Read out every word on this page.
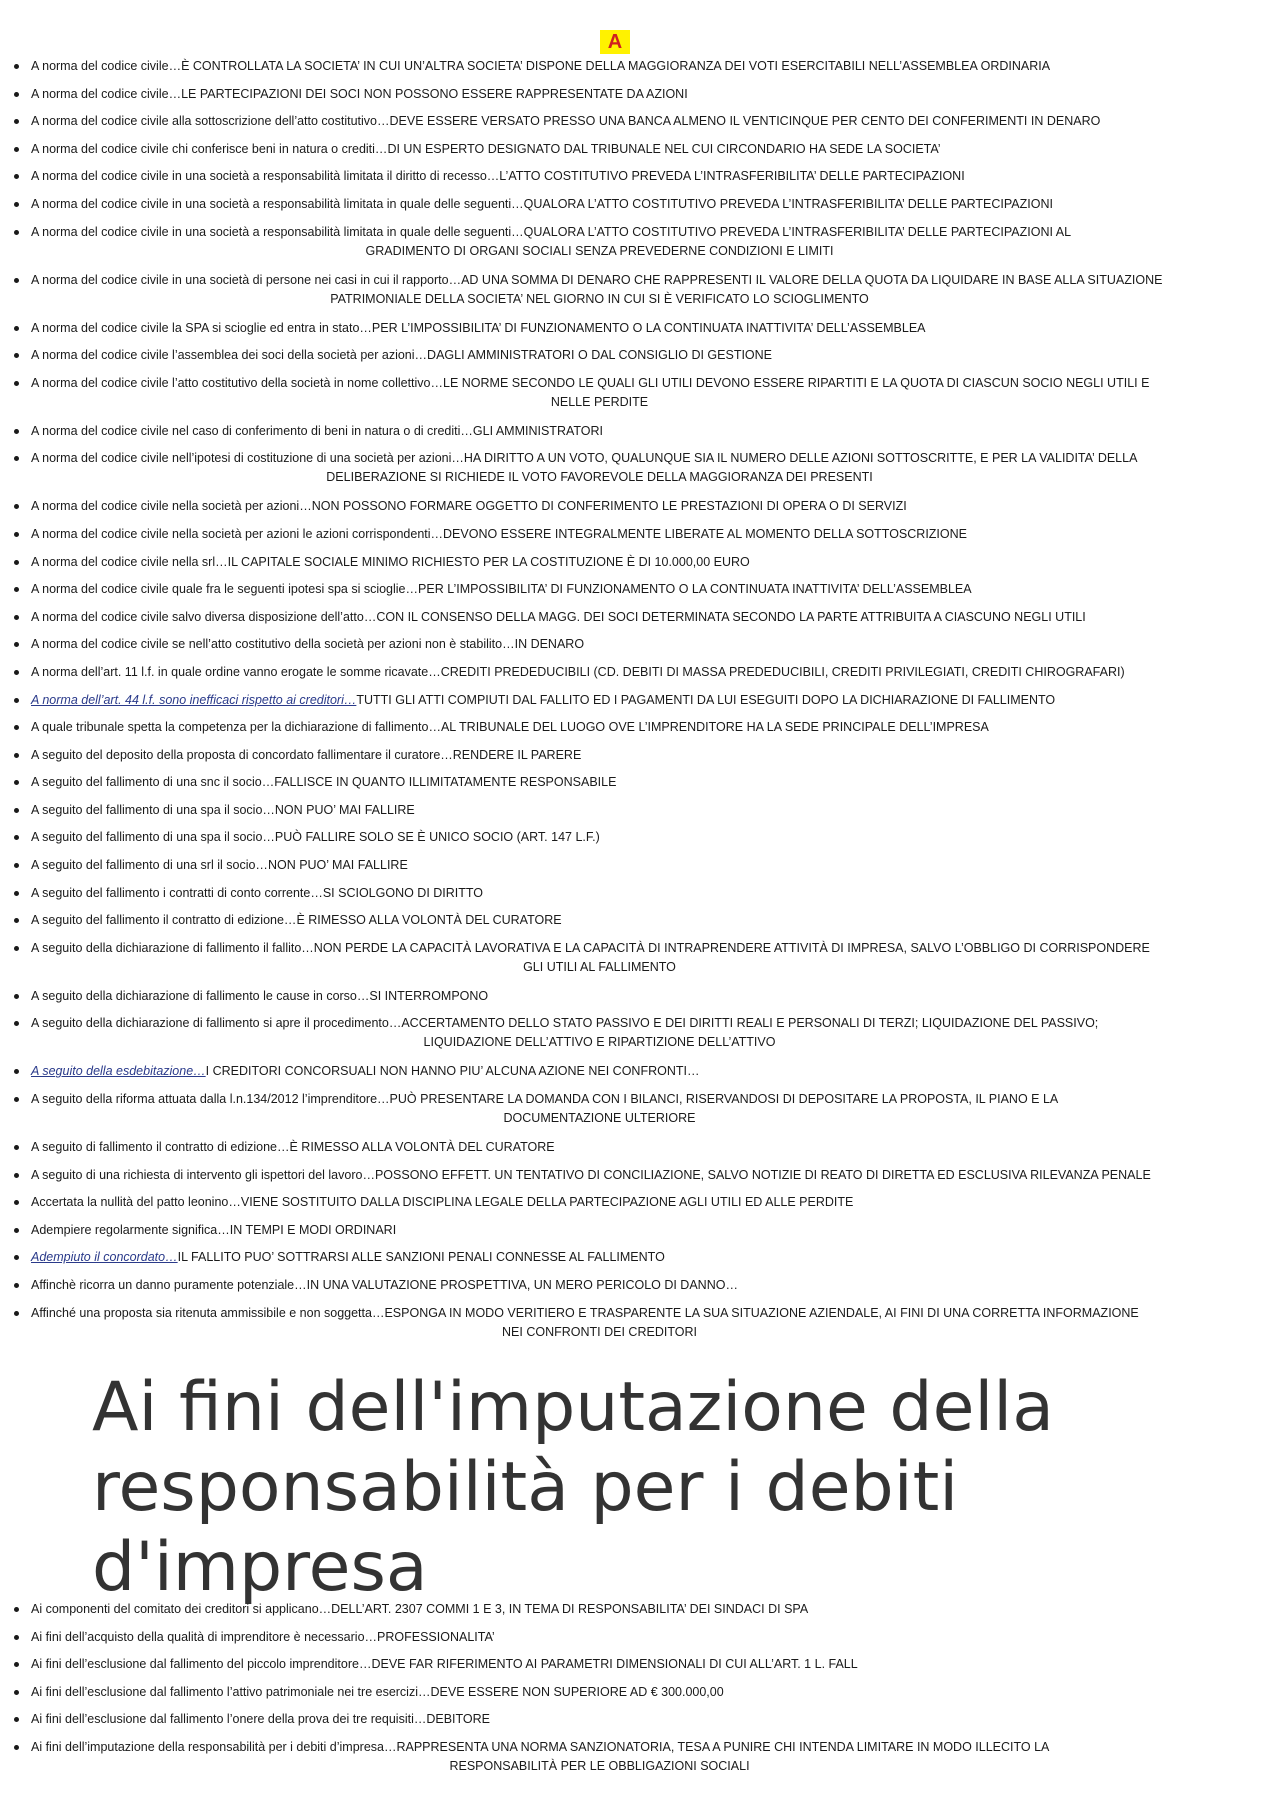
A
A norma del codice civile…È CONTROLLATA LA SOCIETA’ IN CUI UN’ALTRA SOCIETA’ DISPONE DELLA MAGGIORANZA DEI VOTI ESERCITABILI NELL’ASSEMBLEA ORDINARIA
A norma del codice civile…LE PARTECIPAZIONI DEI SOCI NON POSSONO ESSERE RAPPRESENTATE DA AZIONI
A norma del codice civile alla sottoscrizione dell’atto costitutivo…DEVE ESSERE VERSATO PRESSO UNA BANCA ALMENO IL VENTICINQUE PER CENTO DEI CONFERIMENTI IN DENARO
A norma del codice civile chi conferisce beni in natura o crediti…DI UN ESPERTO DESIGNATO DAL TRIBUNALE NEL CUI CIRCONDARIO HA SEDE LA SOCIETA’
A norma del codice civile in una società a responsabilità limitata il diritto di recesso…L’ATTO COSTITUTIVO PREVEDA L’INTRASFERIBILITA’ DELLE PARTECIPAZIONI
A norma del codice civile in una società a responsabilità limitata in quale delle seguenti…QUALORA L’ATTO COSTITUTIVO PREVEDA L’INTRASFERIBILITA’ DELLE PARTECIPAZIONI
A norma del codice civile in una società a responsabilità limitata in quale delle seguenti…QUALORA L’ATTO COSTITUTIVO PREVEDA L’INTRASFERIBILITA’ DELLE PARTECIPAZIONI AL
GRADIMENTO DI ORGANI SOCIALI SENZA PREVEDERNE CONDIZIONI E LIMITI
A norma del codice civile in una società di persone nei casi in cui il rapporto…AD UNA SOMMA DI DENARO CHE RAPPRESENTI IL VALORE DELLA QUOTA DA LIQUIDARE IN BASE ALLA SITUAZIONE
PATRIMONIALE DELLA SOCIETA’ NEL GIORNO IN CUI SI È VERIFICATO LO SCIOGLIMENTO
A norma del codice civile la SPA si scioglie ed entra in stato…PER L’IMPOSSIBILITA’ DI FUNZIONAMENTO O LA CONTINUATA INATTIVITA’ DELL’ASSEMBLEA
A norma del codice civile l’assemblea dei soci della società per azioni…DAGLI AMMINISTRATORI O DAL CONSIGLIO DI GESTIONE
A norma del codice civile l’atto costitutivo della società in nome collettivo…LE NORME SECONDO LE QUALI GLI UTILI DEVONO ESSERE RIPARTITI E LA QUOTA DI CIASCUN SOCIO NEGLI UTILI E
NELLE PERDITE
A norma del codice civile nel caso di conferimento di beni in natura o di crediti…GLI AMMINISTRATORI
A norma del codice civile nell’ipotesi di costituzione di una società per azioni…HA DIRITTO A UN VOTO, QUALUNQUE SIA IL NUMERO DELLE AZIONI SOTTOSCRITTE, E PER LA VALIDITA’ DELLA
DELIBERAZIONE SI RICHIEDE IL VOTO FAVOREVOLE DELLA MAGGIORANZA DEI PRESENTI
A norma del codice civile nella società per azioni…NON POSSONO FORMARE OGGETTO DI CONFERIMENTO LE PRESTAZIONI DI OPERA O DI SERVIZI
A norma del codice civile nella società per azioni le azioni corrispondenti…DEVONO ESSERE INTEGRALMENTE LIBERATE AL MOMENTO DELLA SOTTOSCRIZIONE
A norma del codice civile nella srl…IL CAPITALE SOCIALE MINIMO RICHIESTO PER LA COSTITUZIONE È DI 10.000,00 EURO
A norma del codice civile quale fra le seguenti ipotesi spa si scioglie…PER L’IMPOSSIBILITA’ DI FUNZIONAMENTO O LA CONTINUATA INATTIVITA’ DELL’ASSEMBLEA
A norma del codice civile salvo diversa disposizione dell’atto…CON IL CONSENSO DELLA MAGG. DEI SOCI DETERMINATA SECONDO LA PARTE ATTRIBUITA A CIASCUNO NEGLI UTILI
A norma del codice civile se nell’atto costitutivo della società per azioni non è stabilito…IN DENARO
A norma dell’art. 11 l.f. in quale ordine vanno erogate le somme ricavate…CREDITI PREDEDUCIBILI (CD. DEBITI DI MASSA PREDEDUCIBILI, CREDITI PRIVILEGIATI, CREDITI CHIROGRAFARI)
A norma dell’art. 44 l.f. sono inefficaci rispetto ai creditori…TUTTI GLI ATTI COMPIUTI DAL FALLITO ED I PAGAMENTI DA LUI ESEGUITI DOPO LA DICHIARAZIONE DI FALLIMENTO
A quale tribunale spetta la competenza per la dichiarazione di fallimento…AL TRIBUNALE DEL LUOGO OVE L’IMPRENDITORE HA LA SEDE PRINCIPALE DELL’IMPRESA
A seguito del deposito della proposta di concordato fallimentare il curatore…RENDERE IL PARERE
A seguito del fallimento di una snc il socio…FALLISCE IN QUANTO ILLIMITATAMENTE RESPONSABILE
A seguito del fallimento di una spa il socio…NON PUO’ MAI FALLIRE
A seguito del fallimento di una spa il socio…PUÒ FALLIRE SOLO SE È UNICO SOCIO (ART. 147 L.F.)
A seguito del fallimento di una srl il socio…NON PUO’ MAI FALLIRE
A seguito del fallimento i contratti di conto corrente…SI SCIOLGONO DI DIRITTO
A seguito del fallimento il contratto di edizione…È RIMESSO ALLA VOLONTÀ DEL CURATORE
A seguito della dichiarazione di fallimento il fallito…NON PERDE LA CAPACITÀ LAVORATIVA E LA CAPACITÀ DI INTRAPRENDERE ATTIVITÀ DI IMPRESA, SALVO L’OBBLIGO DI CORRISPONDERE
GLI UTILI AL FALLIMENTO
A seguito della dichiarazione di fallimento le cause in corso…SI INTERROMPONO
A seguito della dichiarazione di fallimento si apre il procedimento…ACCERTAMENTO DELLO STATO PASSIVO E DEI DIRITTI REALI E PERSONALI DI TERZI; LIQUIDAZIONE DEL PASSIVO;
LIQUIDAZIONE DELL’ATTIVO E RIPARTIZIONE DELL’ATTIVO
A seguito della esdebitazione…I CREDITORI CONCORSUALI NON HANNO PIU’ ALCUNA AZIONE NEI CONFRONTI…
A seguito della riforma attuata dalla l.n.134/2012 l’imprenditore…PUÒ PRESENTARE LA DOMANDA CON I BILANCI, RISERVANDOSI DI DEPOSITARE LA PROPOSTA, IL PIANO E LA
DOCUMENTAZIONE ULTERIORE
A seguito di fallimento il contratto di edizione…È RIMESSO ALLA VOLONTÀ DEL CURATORE
A seguito di una richiesta di intervento gli ispettori del lavoro…POSSONO EFFETT. UN TENTATIVO DI CONCILIAZIONE, SALVO NOTIZIE DI REATO DI DIRETTA ED ESCLUSIVA RILEVANZA PENALE
Accertata la nullità del patto leonino…VIENE SOSTITUITO DALLA DISCIPLINA LEGALE DELLA PARTECIPAZIONE AGLI UTILI ED ALLE PERDITE
Adempiere regolarmente significa…IN TEMPI E MODI ORDINARI
Adempiuto il concordato…IL FALLITO PUO’ SOTTRARSI ALLE SANZIONI PENALI CONNESSE AL FALLIMENTO
Affinchè ricorra un danno puramente potenziale…IN UNA VALUTAZIONE PROSPETTIVA, UN MERO PERICOLO DI DANNO…
Affinché una proposta sia ritenuta ammissibile e non soggetta…ESPONGA IN MODO VERITIERO E TRASPARENTE LA SUA SITUAZIONE AZIENDALE, AI FINI DI UNA CORRETTA INFORMAZIONE
NEI CONFRONTI DEI CREDITORI
Ai fini dell'imputazione della responsabilità per i debiti d'impresa
Ai componenti del comitato dei creditori si applicano…DELL’ART. 2307 COMMI 1 E 3, IN TEMA DI RESPONSABILITA’ DEI SINDACI DI SPA
Ai fini dell’acquisto della qualità di imprenditore è necessario…PROFESSIONALITA’
Ai fini dell’esclusione dal fallimento del piccolo imprenditore…DEVE FAR RIFERIMENTO AI PARAMETRI DIMENSIONALI DI CUI ALL’ART. 1 L. FALL
Ai fini dell’esclusione dal fallimento l’attivo patrimoniale nei tre esercizi…DEVE ESSERE NON SUPERIORE AD € 300.000,00
Ai fini dell’esclusione dal fallimento l’onere della prova dei tre requisiti…DEBITORE
Ai fini dell’imputazione della responsabilità per i debiti d’impresa…RAPPRESENTA UNA NORMA SANZIONATORIA, TESA A PUNIRE CHI INTENDA LIMITARE IN MODO ILLECITO LA
RESPONSABILITÀ PER LE OBBLIGAZIONI SOCIALI
